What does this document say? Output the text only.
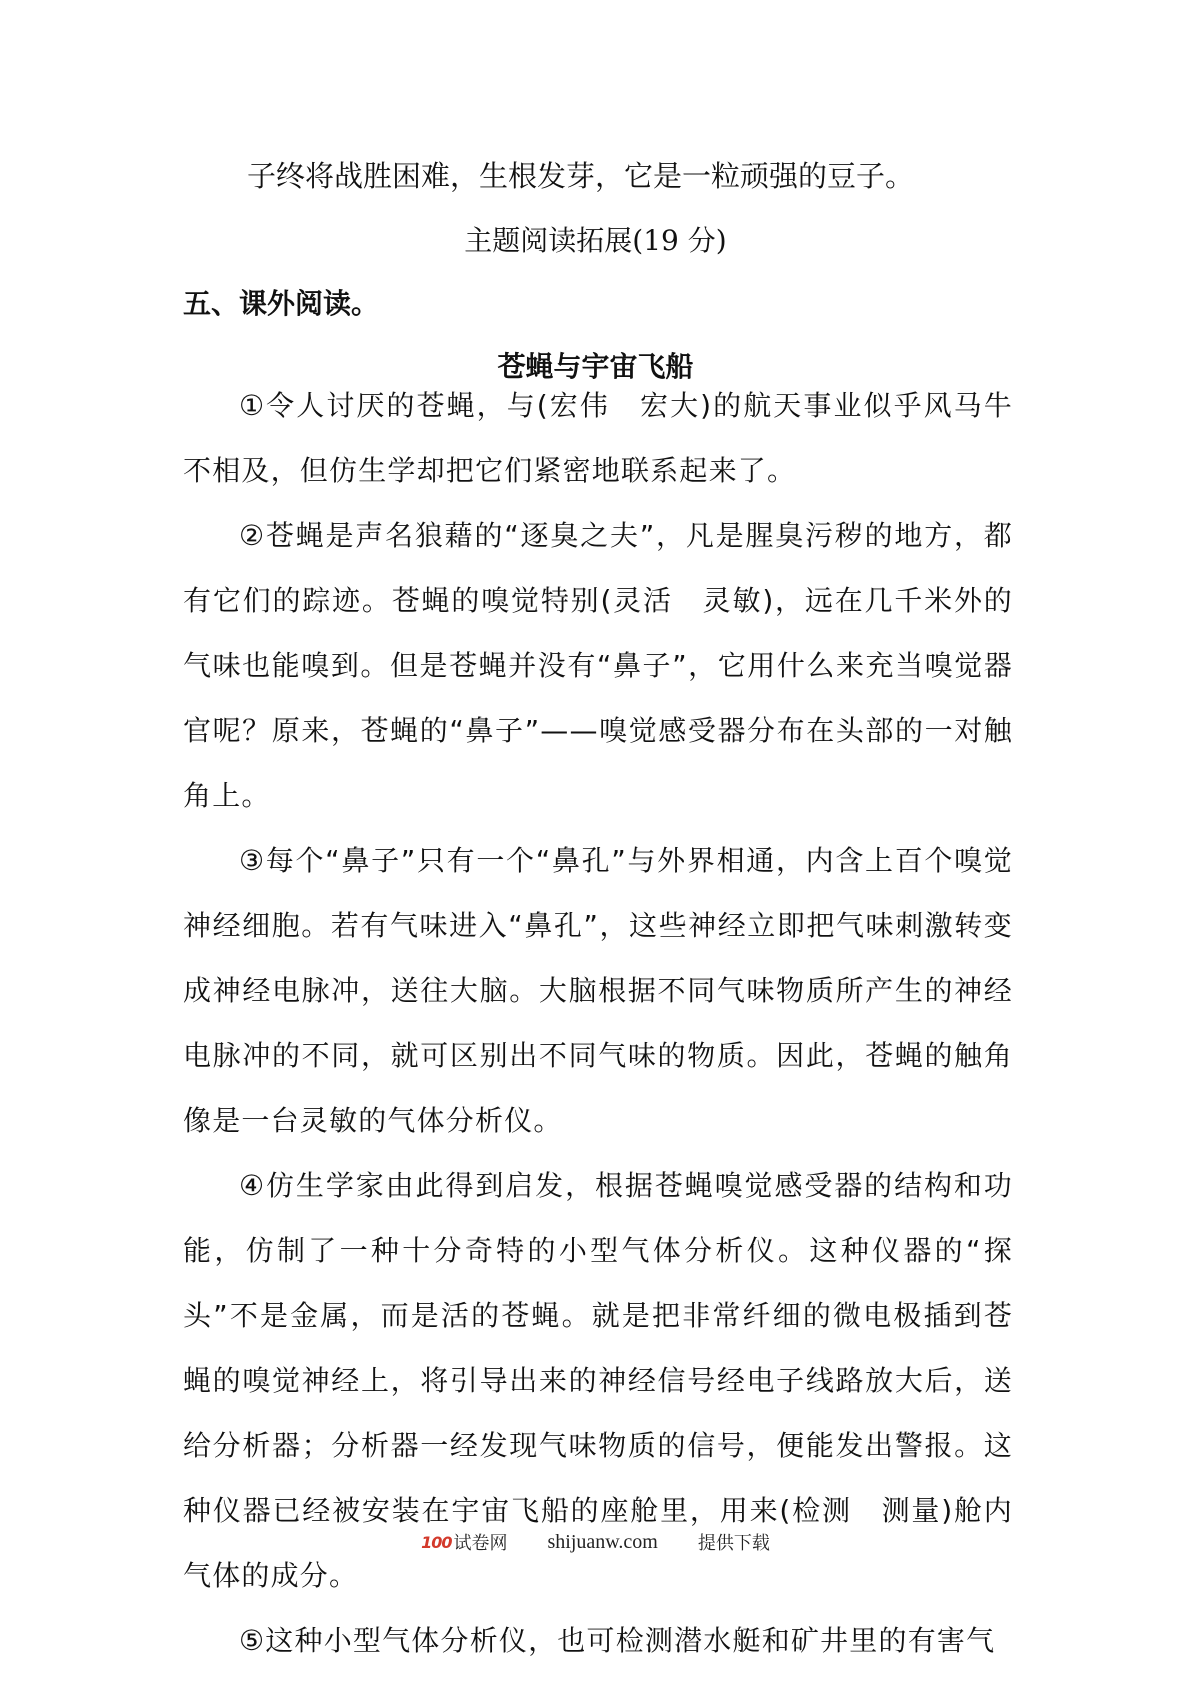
子终将战胜困难，生根发芽，它是一粒顽强的豆子。
主题阅读拓展(19 分)
五、课外阅读。
苍蝇与宇宙飞船

①令人讨厌的苍蝇，与(宏伟　宏大)的航天事业似乎风马牛不相及，但仿生学却把它们紧密地联系起来了。

②苍蝇是声名狼藉的“逐臭之夫”，凡是腥臭污秽的地方，都有它们的踪迹。苍蝇的嗅觉特别(灵活　灵敏)，远在几千米外的气味也能嗅到。但是苍蝇并没有“鼻子”，它用什么来充当嗅觉器官呢？原来，苍蝇的“鼻子”——嗅觉感受器分布在头部的一对触角上。

③每个“鼻子”只有一个“鼻孔”与外界相通，内含上百个嗅觉神经细胞。若有气味进入“鼻孔”，这些神经立即把气味刺激转变成神经电脉冲，送往大脑。大脑根据不同气味物质所产生的神经电脉冲的不同，就可区别出不同气味的物质。因此，苍蝇的触角像是一台灵敏的气体分析仪。

④仿生学家由此得到启发，根据苍蝇嗅觉感受器的结构和功能，仿制了一种十分奇特的小型气体分析仪。这种仪器的“探头”不是金属，而是活的苍蝇。就是把非常纤细的微电极插到苍蝇的嗅觉神经上，将引导出来的神经信号经电子线路放大后，送给分析器；分析器一经发现气味物质的信号，便能发出警报。这种仪器已经被安装在宇宙飞船的座舱里，用来(检测　测量)舱内气体的成分。

⑤这种小型气体分析仪，也可检测潜水艇和矿井里的有害气

100 试卷网 shijuanw.com 提供下载
